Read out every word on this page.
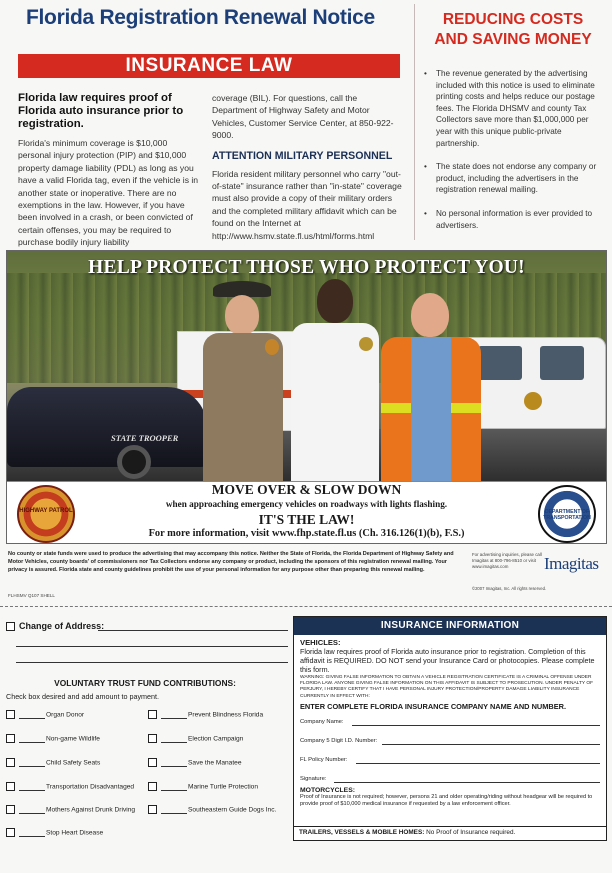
Florida Registration Renewal Notice
INSURANCE LAW
Florida law requires proof of Florida auto insurance prior to registration.
Florida's minimum coverage is $10,000 personal injury protection (PIP) and $10,000 property damage liability (PDL) as long as you have a valid Florida tag, even if the vehicle is in another state or inoperative. There are no exemptions in the law. However, if you have been involved in a crash, or been convicted of certain offenses, you may be required to purchase bodily injury liability
coverage (BIL). For questions, call the Department of Highway Safety and Motor Vehicles, Customer Service Center, at 850-922-9000.
ATTENTION MILITARY PERSONNEL
Florida resident military personnel who carry "out-of-state" insurance rather than "in-state" coverage must also provide a copy of their military orders and the completed military affidavit which can be found on the Internet at http://www.hsmv.state.fl.us/html/forms.html
REDUCING COSTS
AND SAVING MONEY
• The revenue generated by the advertising included with this notice is used to eliminate printing costs and helps reduce our postage fees. The Florida DHSMV and county Tax Collectors save more than $1,000,000 per year with this unique public-private partnership.
• The state does not endorse any company or product, including the advertisers in the registration renewal mailing.
• No personal information is ever provided to advertisers.
STATE TROOPER
HELP PROTECT THOSE WHO PROTECT YOU!
HIGHWAY PATROL
MOVE OVER & SLOW DOWN
when approaching emergency vehicles on roadways with lights flashing.
IT'S THE LAW!
For more information, visit www.fhp.state.fl.us (Ch. 316.126(1)(b), F.S.)
DEPARTMENT OF TRANSPORTATION
No county or state funds were used to produce the advertising that may accompany this notice. Neither the State of Florida, the Florida Department of Highway Safety and Motor Vehicles, county boards' of commissioners nor Tax Collectors endorse any company or product, including the sponsors of this registration renewal mailing. Your privacy is assured. Florida state and county guidelines prohibit the use of your personal information for any purpose other than preparing this renewal mailing.
FLHSMV Q107 SHELL
For advertising inquiries, please call Imagitas at 800-796-8510 or visit www.imagitas.com
©2007 Imagitas, Inc. All rights reserved.
Imagitas
Change of Address:
VOLUNTARY TRUST FUND CONTRIBUTIONS:
Check box desired and add amount to payment.
Organ Donor
Non-game Wildlife
Child Safety Seats
Transportation Disadvantaged
Mothers Against Drunk Driving
Stop Heart Disease
Prevent Blindness Florida
Election Campaign
Save the Manatee
Marine Turtle Protection
Southeastern Guide Dogs Inc.
INSURANCE INFORMATION
VEHICLES:
Florida law requires proof of Florida auto insurance prior to registration. Completion of this affidavit is REQUIRED. DO NOT send your Insurance Card or photocopies. Please complete this form.
WARNING: GIVING FALSE INFORMATION TO OBTAIN A VEHICLE REGISTRATION CERTIFICATE IS A CRIMINAL OFFENSE UNDER FLORIDA LAW. ANYONE GIVING FALSE INFORMATION ON THIS AFFIDAVIT IS SUBJECT TO PROSECUTION. UNDER PENALTY OF PERJURY, I HEREBY CERTIFY THAT I HAVE PERSONAL INJURY PROTECTION/PROPERTY DAMAGE LIABILITY INSURANCE CURRENTLY IN EFFECT WITH:
ENTER COMPLETE FLORIDA INSURANCE COMPANY NAME AND NUMBER.
Company Name:
Company 5 Digit I.D. Number:
FL Policy Number:
Signature:
MOTORCYCLES:
Proof of Insurance is not required; however, persons 21 and older operating/riding without headgear will be required to provide proof of $10,000 medical insurance if requested by a law enforcement officer.
TRAILERS, VESSELS & MOBILE HOMES: No Proof of Insurance required.
